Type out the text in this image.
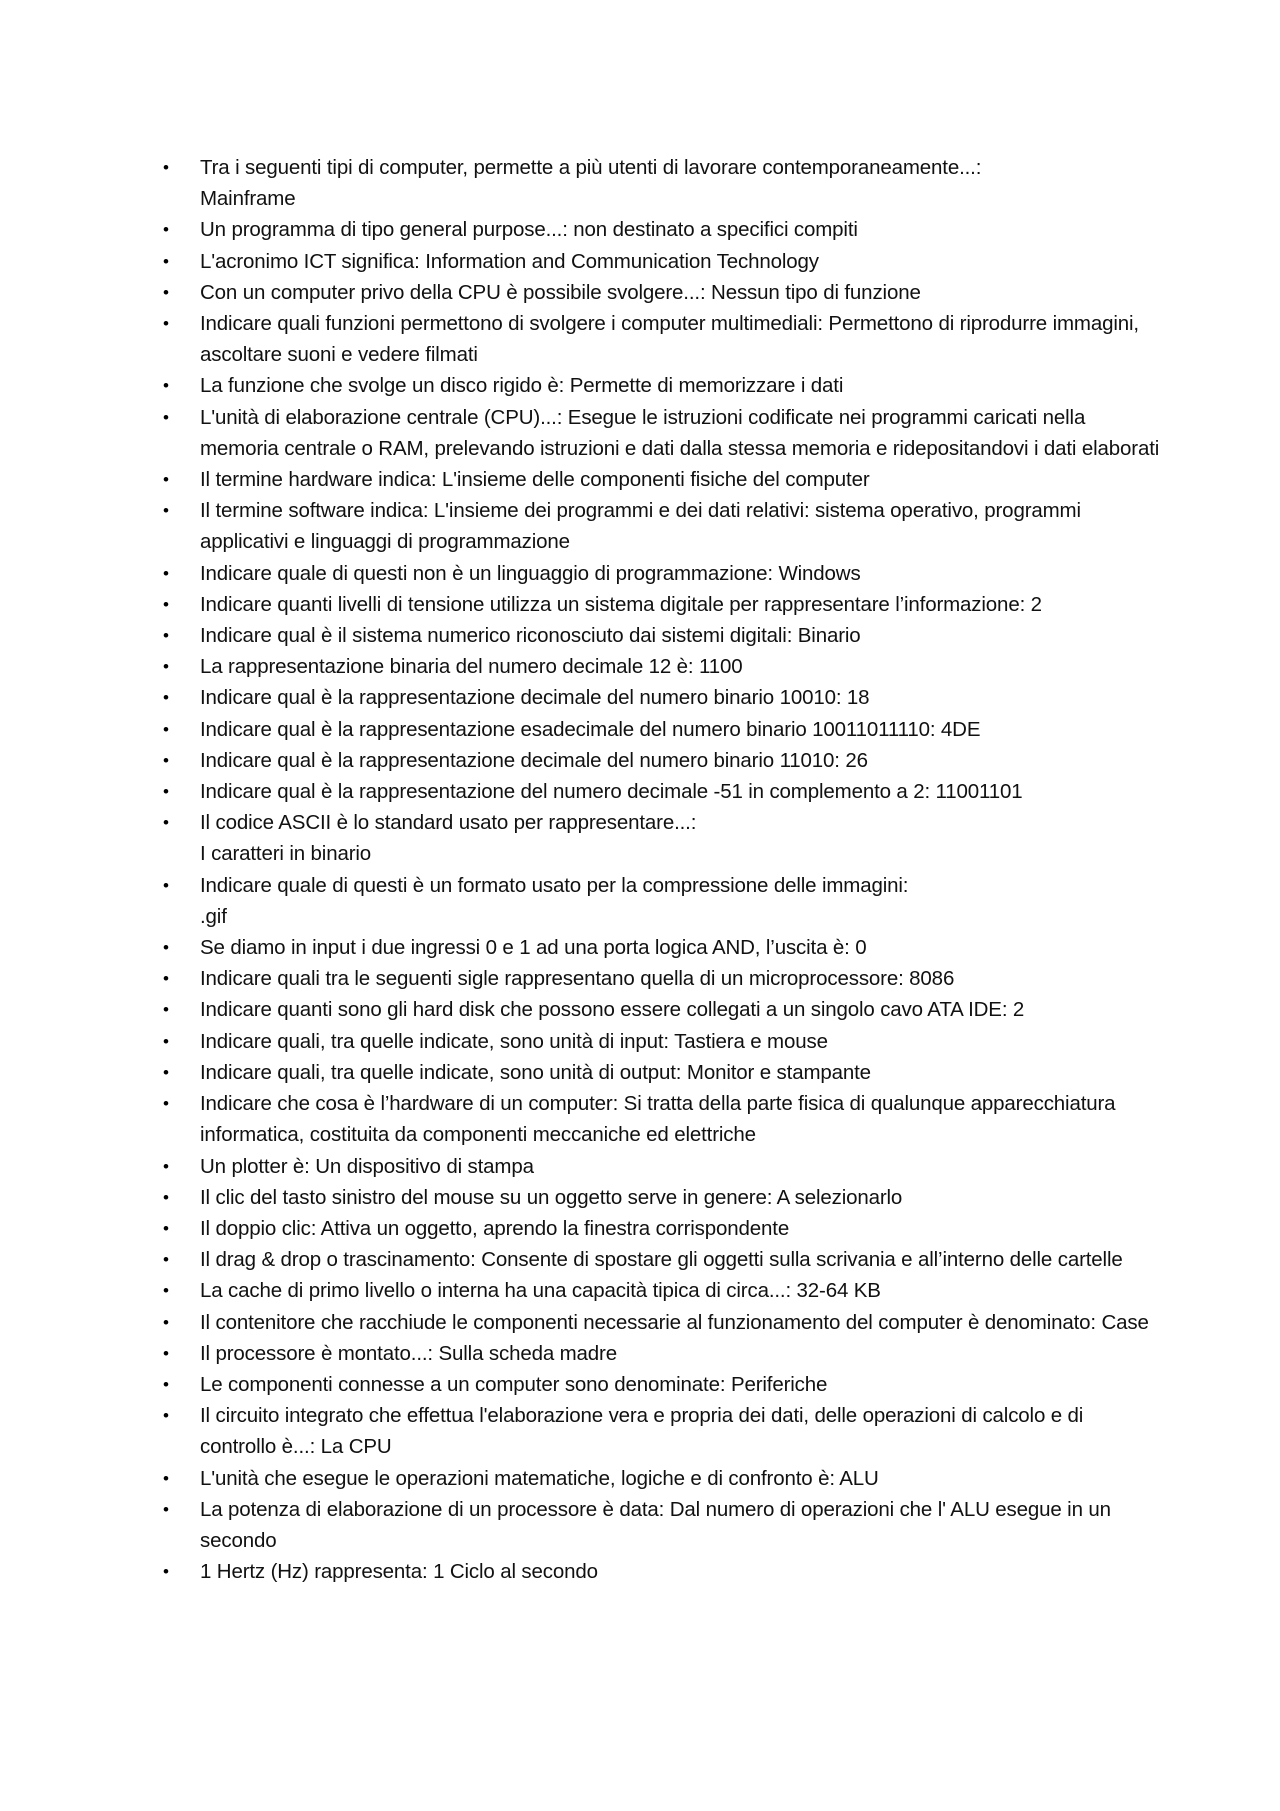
• Tra i seguenti tipi di computer, permette a più utenti di lavorare contemporaneamente...:
Mainframe
• Un programma di tipo general purpose...: non destinato a specifici compiti
• L'acronimo ICT significa: Information and Communication Technology
• Con un computer privo della CPU è possibile svolgere...: Nessun tipo di funzione
• Indicare quali funzioni permettono di svolgere i computer multimediali: Permettono di riprodurre immagini, ascoltare suoni e vedere filmati
• La funzione che svolge un disco rigido è: Permette di memorizzare i dati
• L'unità di elaborazione centrale (CPU)...: Esegue le istruzioni codificate nei programmi caricati nella memoria centrale o RAM, prelevando istruzioni e dati dalla stessa memoria e ridepositandovi i dati elaborati
• Il termine hardware indica: L'insieme delle componenti fisiche del computer
• Il termine software indica: L'insieme dei programmi e dei dati relativi: sistema operativo, programmi applicativi e linguaggi di programmazione
• Indicare quale di questi non è un linguaggio di programmazione: Windows
• Indicare quanti livelli di tensione utilizza un sistema digitale per rappresentare l’informazione: 2
• Indicare qual è il sistema numerico riconosciuto dai sistemi digitali: Binario
• La rappresentazione binaria del numero decimale 12 è: 1100
• Indicare qual è la rappresentazione decimale del numero binario 10010: 18
• Indicare qual è la rappresentazione esadecimale del numero binario 10011011110: 4DE
• Indicare qual è la rappresentazione decimale del numero binario 11010: 26
• Indicare qual è la rappresentazione del numero decimale -51 in complemento a 2: 11001101
• Il codice ASCII è lo standard usato per rappresentare...:
I caratteri in binario
• Indicare quale di questi è un formato usato per la compressione delle immagini:
.gif
• Se diamo in input i due ingressi 0 e 1 ad una porta logica AND, l’uscita è: 0
• Indicare quali tra le seguenti sigle rappresentano quella di un microprocessore: 8086
• Indicare quanti sono gli hard disk che possono essere collegati a un singolo cavo ATA IDE: 2
• Indicare quali, tra quelle indicate, sono unità di input: Tastiera e mouse
• Indicare quali, tra quelle indicate, sono unità di output: Monitor e stampante
• Indicare che cosa è l’hardware di un computer: Si tratta della parte fisica di qualunque apparecchiatura informatica, costituita da componenti meccaniche ed elettriche
• Un plotter è: Un dispositivo di stampa
• Il clic del tasto sinistro del mouse su un oggetto serve in genere: A selezionarlo
• Il doppio clic: Attiva un oggetto, aprendo la finestra corrispondente
• Il drag & drop o trascinamento: Consente di spostare gli oggetti sulla scrivania e all’interno delle cartelle
• La cache di primo livello o interna ha una capacità tipica di circa...: 32-64 KB
• Il contenitore che racchiude le componenti necessarie al funzionamento del computer è denominato: Case
• Il processore è montato...: Sulla scheda madre
• Le componenti connesse a un computer sono denominate: Periferiche
• Il circuito integrato che effettua l'elaborazione vera e propria dei dati, delle operazioni di calcolo e di controllo è...: La CPU
• L'unità che esegue le operazioni matematiche, logiche e di confronto è: ALU
• La potenza di elaborazione di un processore è data: Dal numero di operazioni che l' ALU esegue in un secondo
• 1 Hertz (Hz) rappresenta: 1 Ciclo al secondo
